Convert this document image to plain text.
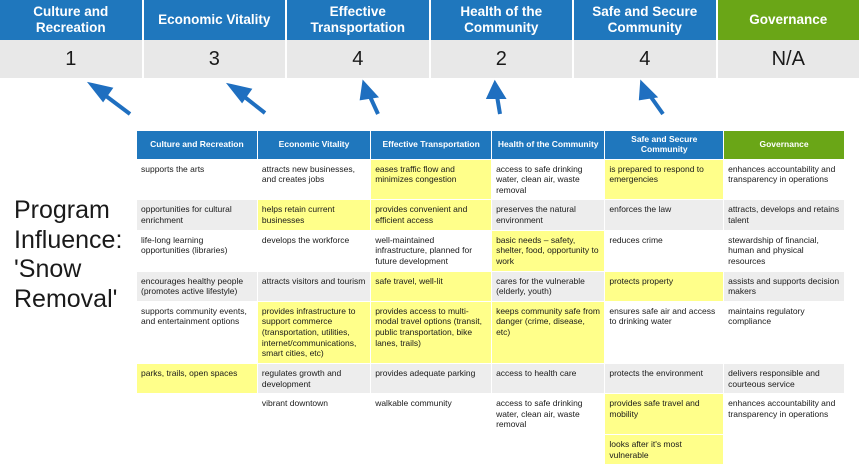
Culture and Recreation
Economic Vitality
Effective Transportation
Health of the Community
Safe and Secure Community
Governance
1	3	4	2	4	N/A
Program Influence: 'Snow Removal'
Culture and Recreation	Economic Vitality	Effective Transportation	Health of the Community	Safe and Secure Community	Governance
supports the arts	attracts new businesses, and creates jobs	eases traffic flow and minimizes congestion	access to safe drinking water, clean air, waste removal	is prepared to respond to emergencies	enhances accountability and transparency in operations
opportunities for cultural enrichment	helps retain current businesses	provides convenient and efficient access	preserves the natural environment	enforces the law	attracts, develops and retains talent
life-long learning opportunities (libraries)	develops the workforce	well-maintained infrastructure, planned for future development	basic needs – safety, shelter, food, opportunity to work	reduces crime	stewardship of financial, human and physical resources
encourages healthy people (promotes active lifestyle)	attracts visitors and tourism	safe travel, well-lit	cares for the vulnerable (elderly, youth)	protects property	assists and supports decision makers
supports community events, and entertainment options	provides infrastructure to support commerce (transportation, utilities, internet/communications, smart cities, etc)	provides access to multi-modal travel options (transit, public transportation, bike lanes, trails)	keeps community safe from danger (crime, disease, etc)	ensures safe air and access to drinking water	maintains regulatory compliance
parks, trails, open spaces	regulates growth and development	provides adequate parking	access to health care	protects the environment	delivers responsible and courteous service
	vibrant downtown	walkable community	access to safe drinking water, clean air, waste removal	provides safe travel and mobility	enhances accountability and transparency in operations
				looks after it's most vulnerable	
